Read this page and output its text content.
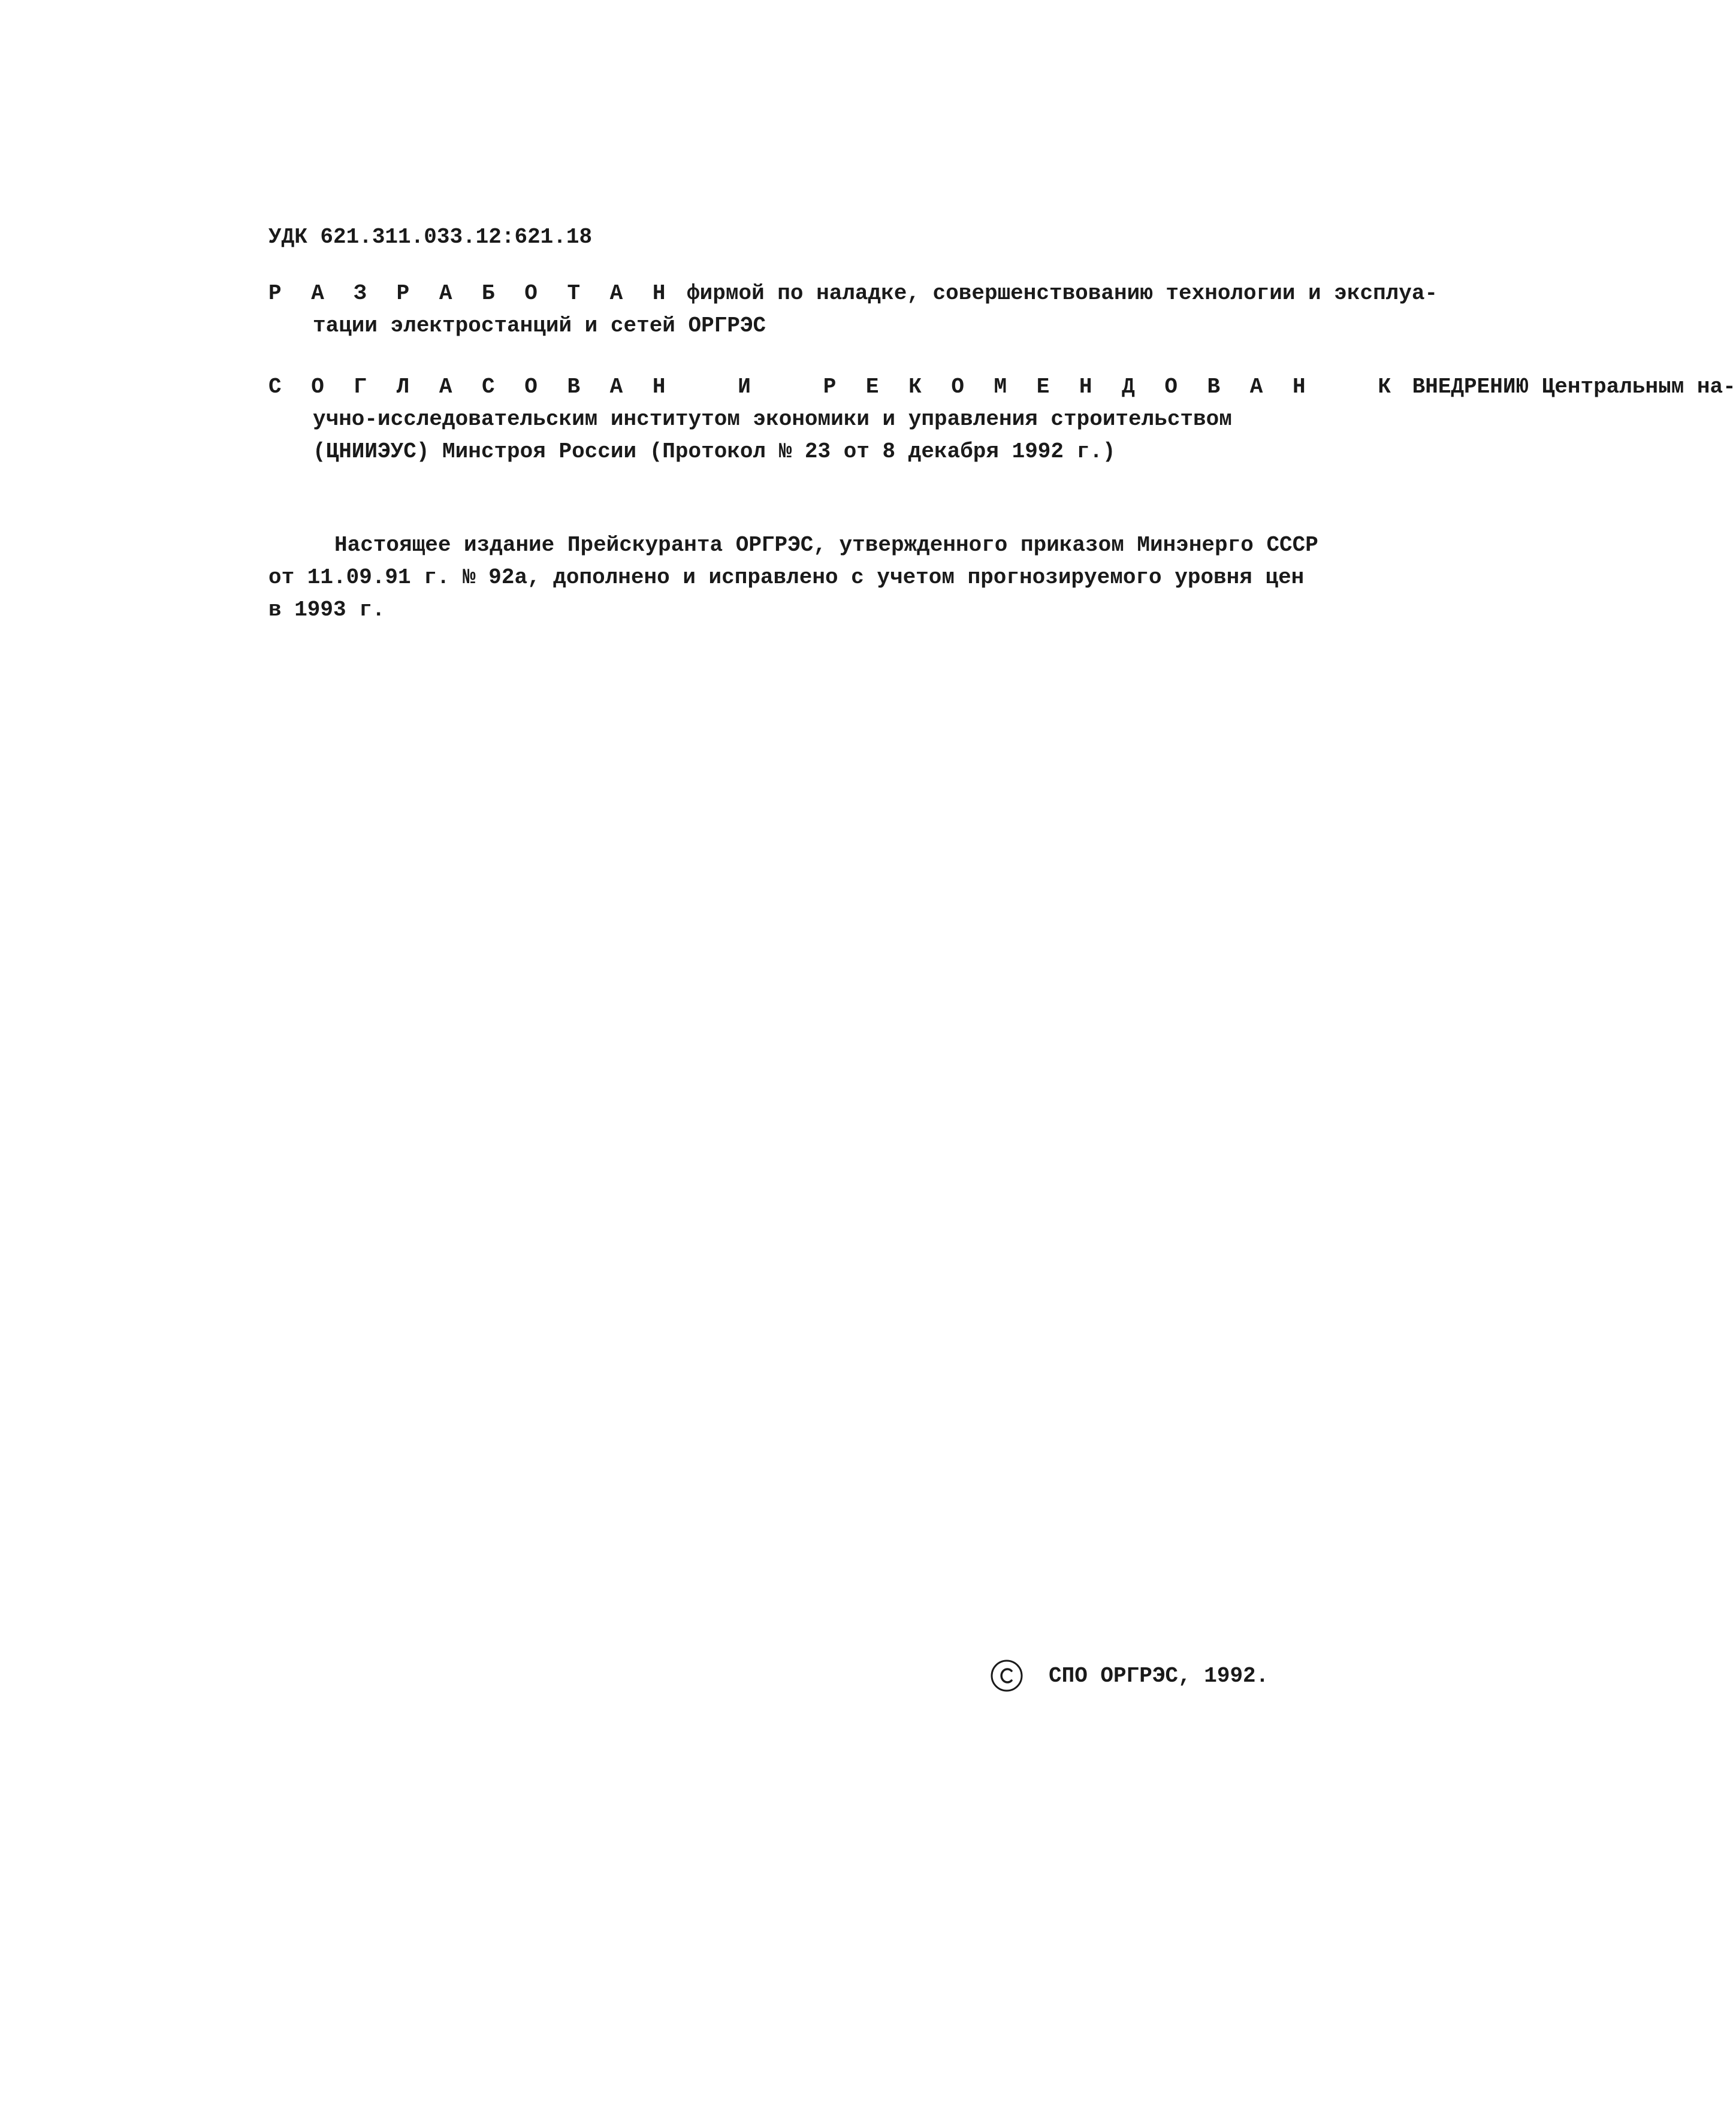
УДК 621.311.033.12:621.18
Р А З Р А Б О Т А Н фирмой по наладке, совершенствованию технологии и эксплуа-
тации электростанций и сетей ОРГРЭС
С О Г Л А С О В А Н   И   Р Е К О М Е Н Д О В А Н   К ВНЕДРЕНИЮ Центральным на-
учно-исследовательским институтом экономики и управления строительством
(ЦНИИЭУС) Минстроя России (Протокол № 23 от 8 декабря 1992 г.)
Настоящее издание Прейскуранта ОРГРЭС, утвержденного приказом Минэнерго СССР
от 11.09.91 г. № 92а, дополнено и исправлено с учетом прогнозируемого уровня цен
в 1993 г.
СПО ОРГРЭС, 1992.
